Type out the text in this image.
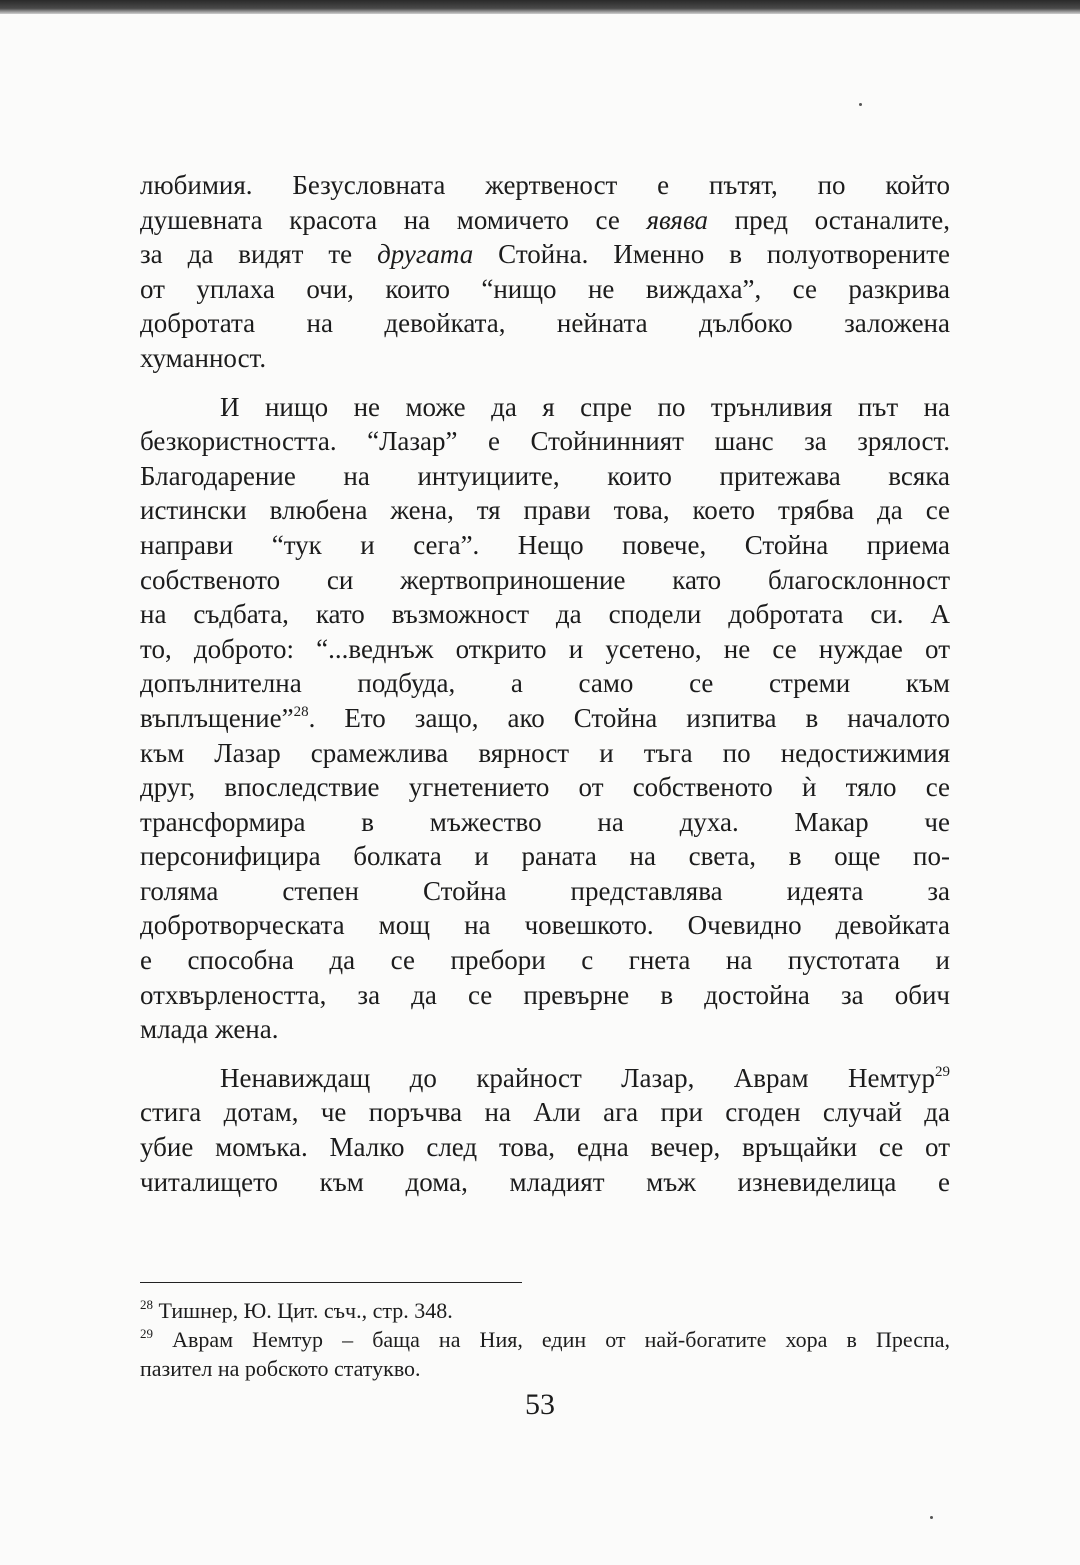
любимия. Безусловната жертвеност е пътят, по който
душевната красота на момичето се явява пред останалите,
за да видят те другата Стойна. Именно в полуотворените
от уплаха очи, които “нищо не виждаха”, се разкрива
добротата на девойката, нейната дълбоко заложена
хуманност.
И нищо не може да я спре по трънливия път на
безкористността. “Лазар” е Стойнинният шанс за зрялост.
Благодарение на интуициите, които притежава всяка
истински влюбена жена, тя прави това, което трябва да се
направи “тук и сега”. Нещо повече, Стойна приема
собственото си жертвоприношение като благосклонност
на съдбата, като възможност да сподели добротата си. А
то, доброто: “...веднъж открито и усетено, не се нуждае от
допълнителна подбуда, а само се стреми към
въплъщение”$^{28}$. Ето защо, ако Стойна изпитва в началото
към Лазар срамежлива вярност и тъга по недостижимия
друг, впоследствие угнетението от собственото ѝ тяло се
трансформира в мъжество на духа. Макар че
персонифицира болката и раната на света, в още по-
голяма степен Стойна представлява идеята за
добротворческата мощ на човешкото. Очевидно девойката
е способна да се пребори с гнета на пустотата и
отхвърлеността, за да се превърне в достойна за обич
млада жена.
Ненавиждащ до крайност Лазар, Аврам Немтур$^{29}$
стига дотам, че поръчва на Али ага при сгоден случай да
убие момъка. Малко след това, една вечер, връщайки се от
читалището към дома, младият мъж изневиделица е
$^{28}$ Тишнер, Ю. Цит. съч., стр. 348.
$^{29}$ Аврам Немтур – баща на Ния, един от най-богатите хора в Преспа,
пазител на робското статукво.
53
